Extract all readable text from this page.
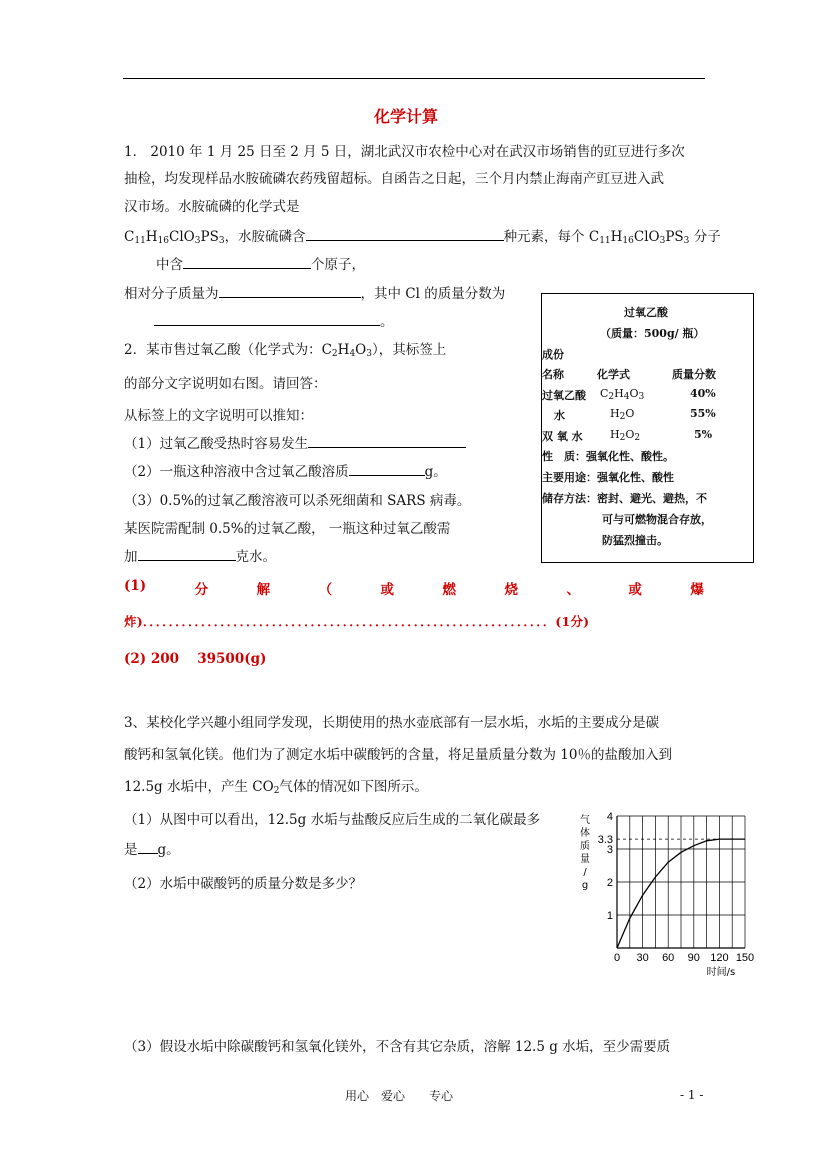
化学计算
1． 2010 年 1 月 25 日至 2 月 5 日，湖北武汉市农检中心对在武汉市场销售的豇豆进行多次
抽检，均发现样品水胺硫磷农药残留超标。自函告之日起，三个月内禁止海南产豇豆进入武
汉市场。水胺硫磷的化学式是
$C_{11}H_{16}ClO_3PS_3$，水胺硫磷含	种元素，每个 $C_{11}H_{16}ClO_3PS_3$ 分子
中含	个原子，
相对分子质量为	，其中 Cl 的质量分数为
。
2．某市售过氧乙酸（化学式为：$C_2H_4O_3$），其标签上
的部分文字说明如右图。请回答：
从标签上的文字说明可以推知：
（1）过氧乙酸受热时容易发生
（2）一瓶这种溶液中含过氧乙酸溶质	g。
（3）0.5%的过氧乙酸溶液可以杀死细菌和 SARS 病毒。
某医院需配制 0.5%的过氧乙酸， 一瓶这种过氧乙酸需
加	克水。
过氧乙酸
（质量：500g/ 瓶）
成份
名称	化学式	质量分数
过氧乙酸 $C_2H_4O_3$	40%
水	$H_2O$	55%
双 氧 水 $H_2O_2$	5%
性　质：强氧化性、酸性。
主要用途：强氧化性、酸性
储存方法：密封、避光、避热，不
可与可燃物混合存放，
防猛烈撞击。
(1)	分	解	（	或	燃	烧	、	或	爆
炸)．．．．．．．．．．．．．．．．．．．．．．．．．．．．．．．．．．．．．．．．．．．．．．．．．．．．．．．．．．．．．．．(1分)
(2) 200　 39500(g)
3、某校化学兴趣小组同学发现，长期使用的热水壶底部有一层水垢，水垢的主要成分是碳
酸钙和氢氧化镁。他们为了测定水垢中碳酸钙的含量，将足量质量分数为 10％的盐酸加入到
12.5g 水垢中，产生 $CO_2$气体的情况如下图所示。
（1）从图中可以看出，12.5g 水垢与盐酸反应后生成的二氧化碳最多
是 g。
（2）水垢中碳酸钙的质量分数是多少？
（3）假设水垢中除碳酸钙和氢氧化镁外，不含有其它杂质，溶解 12.5 g 水垢，至少需要质
0 30 60 90 120 150
1
2
3
3.3
4
时间/s
气
体
质
量
/
g
用心　爱心　　专心	- 1 -
